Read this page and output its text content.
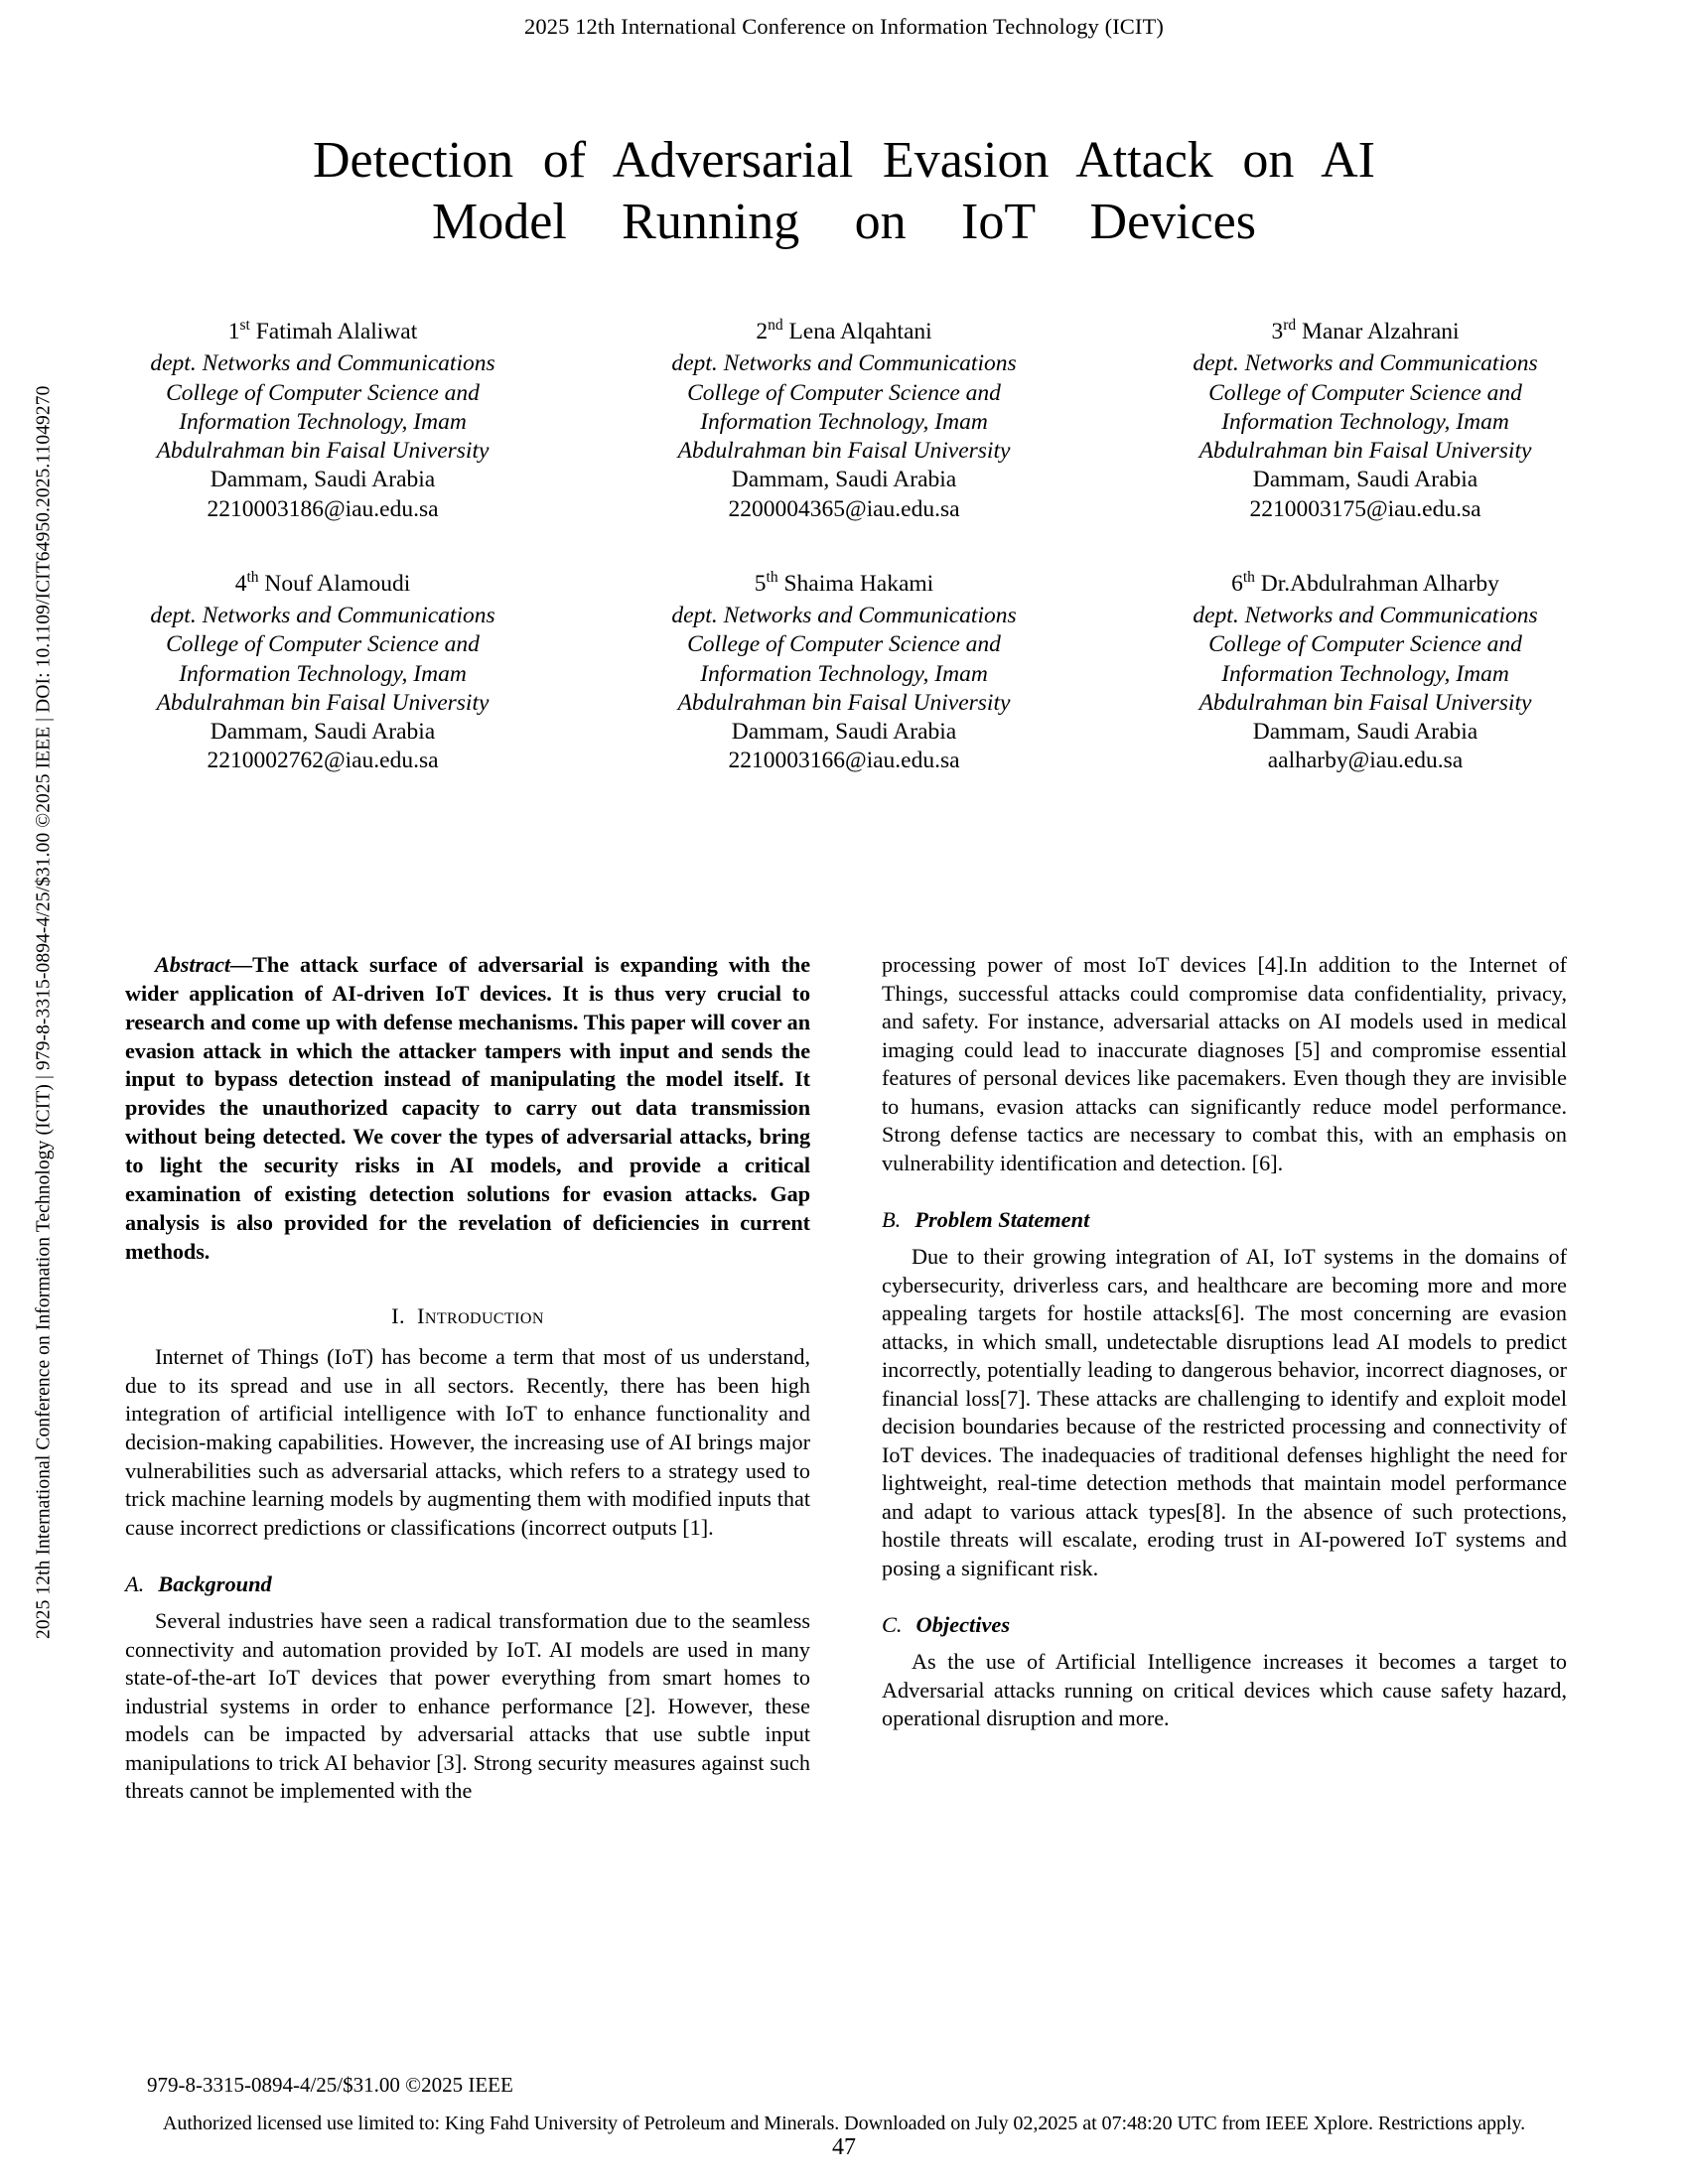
2025 12th International Conference on Information Technology (ICIT)
2025 12th International Conference on Information Technology (ICIT) | 979-8-3315-0894-4/25/$31.00 ©2025 IEEE | DOI: 10.1109/ICIT64950.2025.11049270
Detection of Adversarial Evasion Attack on AI
Model Running on IoT Devices
1st Fatimah Alaliwat
dept. Networks and Communications
College of Computer Science and
Information Technology, Imam
Abdulrahman bin Faisal University
Dammam, Saudi Arabia
2210003186@iau.edu.sa
2nd Lena Alqahtani
dept. Networks and Communications
College of Computer Science and
Information Technology, Imam
Abdulrahman bin Faisal University
Dammam, Saudi Arabia
2200004365@iau.edu.sa
3rd Manar Alzahrani
dept. Networks and Communications
College of Computer Science and
Information Technology, Imam
Abdulrahman bin Faisal University
Dammam, Saudi Arabia
2210003175@iau.edu.sa
4th Nouf Alamoudi
dept. Networks and Communications
College of Computer Science and
Information Technology, Imam
Abdulrahman bin Faisal University
Dammam, Saudi Arabia
2210002762@iau.edu.sa
5th Shaima Hakami
dept. Networks and Communications
College of Computer Science and
Information Technology, Imam
Abdulrahman bin Faisal University
Dammam, Saudi Arabia
2210003166@iau.edu.sa
6th Dr.Abdulrahman Alharby
dept. Networks and Communications
College of Computer Science and
Information Technology, Imam
Abdulrahman bin Faisal University
Dammam, Saudi Arabia
aalharby@iau.edu.sa

Abstract—The attack surface of adversarial is expanding with the wider application of AI-driven IoT devices. It is thus very crucial to research and come up with defense mechanisms. This paper will cover an evasion attack in which the attacker tampers with input and sends the input to bypass detection instead of manipulating the model itself. It provides the unauthorized capacity to carry out data transmission without being detected. We cover the types of adversarial attacks, bring to light the security risks in AI models, and provide a critical examination of existing detection solutions for evasion attacks. Gap analysis is also provided for the revelation of deficiencies in current methods.

I. Introduction

Internet of Things (IoT) has become a term that most of us understand, due to its spread and use in all sectors. Recently, there has been high integration of artificial intelligence with IoT to enhance functionality and decision-making capabilities. However, the increasing use of AI brings major vulnerabilities such as adversarial attacks, which refers to a strategy used to trick machine learning models by augmenting them with modified inputs that cause incorrect predictions or classifications (incorrect outputs [1].

A. Background

Several industries have seen a radical transformation due to the seamless connectivity and automation provided by IoT. AI models are used in many state-of-the-art IoT devices that power everything from smart homes to industrial systems in order to enhance performance [2]. However, these models can be impacted by adversarial attacks that use subtle input manipulations to trick AI behavior [3]. Strong security measures against such threats cannot be implemented with the

processing power of most IoT devices [4].In addition to the Internet of Things, successful attacks could compromise data confidentiality, privacy, and safety. For instance, adversarial attacks on AI models used in medical imaging could lead to inaccurate diagnoses [5] and compromise essential features of personal devices like pacemakers. Even though they are invisible to humans, evasion attacks can significantly reduce model performance. Strong defense tactics are necessary to combat this, with an emphasis on vulnerability identification and detection. [6].

B. Problem Statement

Due to their growing integration of AI, IoT systems in the domains of cybersecurity, driverless cars, and healthcare are becoming more and more appealing targets for hostile attacks[6]. The most concerning are evasion attacks, in which small, undetectable disruptions lead AI models to predict incorrectly, potentially leading to dangerous behavior, incorrect diagnoses, or financial loss[7]. These attacks are challenging to identify and exploit model decision boundaries because of the restricted processing and connectivity of IoT devices. The inadequacies of traditional defenses highlight the need for lightweight, real-time detection methods that maintain model performance and adapt to various attack types[8]. In the absence of such protections, hostile threats will escalate, eroding trust in AI-powered IoT systems and posing a significant risk.

C. Objectives

As the use of Artificial Intelligence increases it becomes a target to Adversarial attacks running on critical devices which cause safety hazard, operational disruption and more.

979-8-3315-0894-4/25/$31.00 ©2025 IEEE
Authorized licensed use limited to: King Fahd University of Petroleum and Minerals. Downloaded on July 02,2025 at 07:48:20 UTC from IEEE Xplore. Restrictions apply.
47
